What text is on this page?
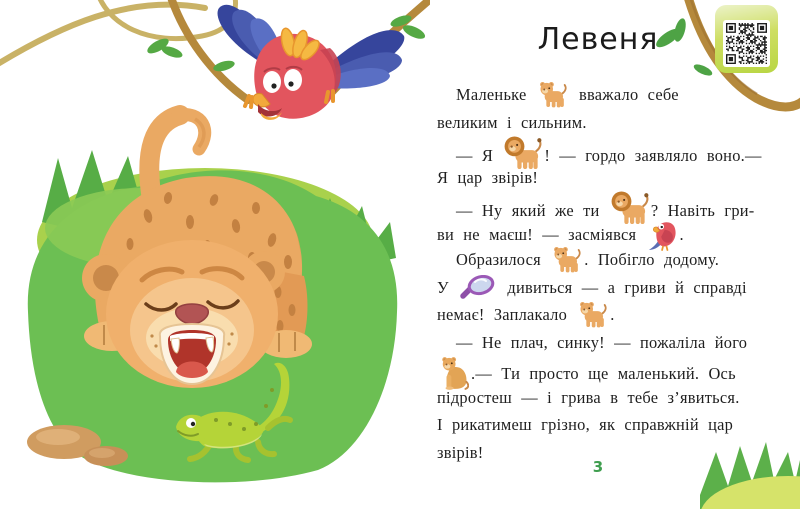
Левеня
Маленьке  вважало себе
великим і сильним.
— Я	! — гордо заявляло воно.—
Я цар звірів!
— Ну який же ти	? Навіть гри-
ви не маєш! — засміявся .
Образилося . Побігло додому.
У  дивиться — а гриви й справді
немає! Заплакало .
— Не плач, синку! — пожаліла його
.— Ти просто ще маленький. Ось
підростеш — і грива в тебе з’явиться.
І рикатимеш грізно, як справжній цар
звірів!
3
